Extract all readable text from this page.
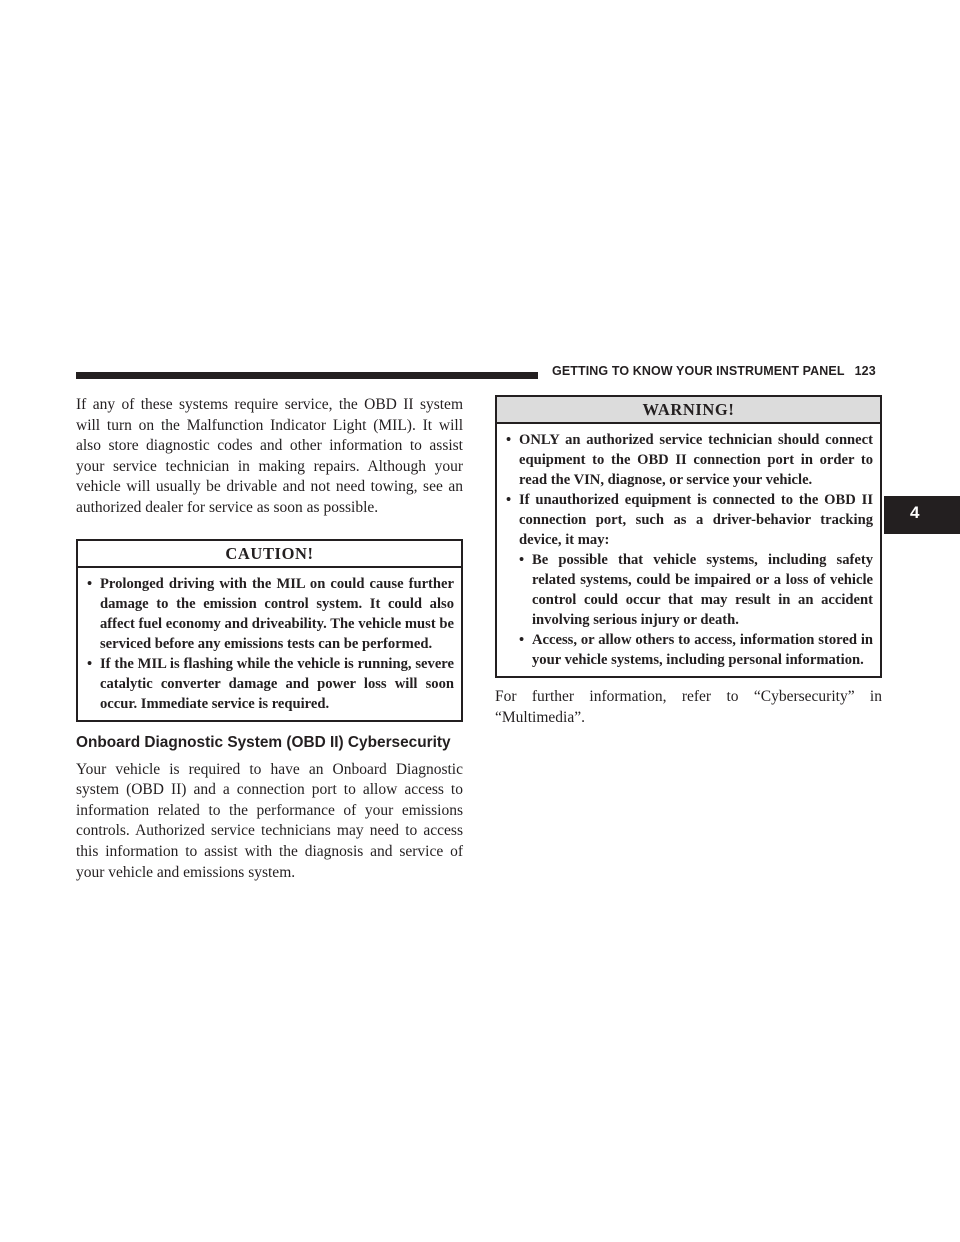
GETTING TO KNOW YOUR INSTRUMENT PANEL 123
4

If any of these systems require service, the OBD II system will turn on the Malfunction Indicator Light (MIL). It will also store diagnostic codes and other information to assist your service technician in making repairs. Although your vehicle will usually be drivable and not need towing, see an authorized dealer for service as soon as possible.

CAUTION!
• Prolonged driving with the MIL on could cause further damage to the emission control system. It could also affect fuel economy and driveability. The vehicle must be serviced before any emissions tests can be performed.
• If the MIL is flashing while the vehicle is running, severe catalytic converter damage and power loss will soon occur. Immediate service is required.
Onboard Diagnostic System (OBD II) Cybersecurity

Your vehicle is required to have an Onboard Diagnostic system (OBD II) and a connection port to allow access to information related to the performance of your emissions controls. Authorized service technicians may need to access this information to assist with the diagnosis and service of your vehicle and emissions system.

WARNING!
• ONLY an authorized service technician should connect equipment to the OBD II connection port in order to read the VIN, diagnose, or service your vehicle.
• If unauthorized equipment is connected to the OBD II connection port, such as a driver-behavior tracking device, it may:
• Be possible that vehicle systems, including safety related systems, could be impaired or a loss of vehicle control could occur that may result in an accident involving serious injury or death.
• Access, or allow others to access, information stored in your vehicle systems, including personal information.

For further information, refer to “Cybersecurity” in “Multimedia”.
